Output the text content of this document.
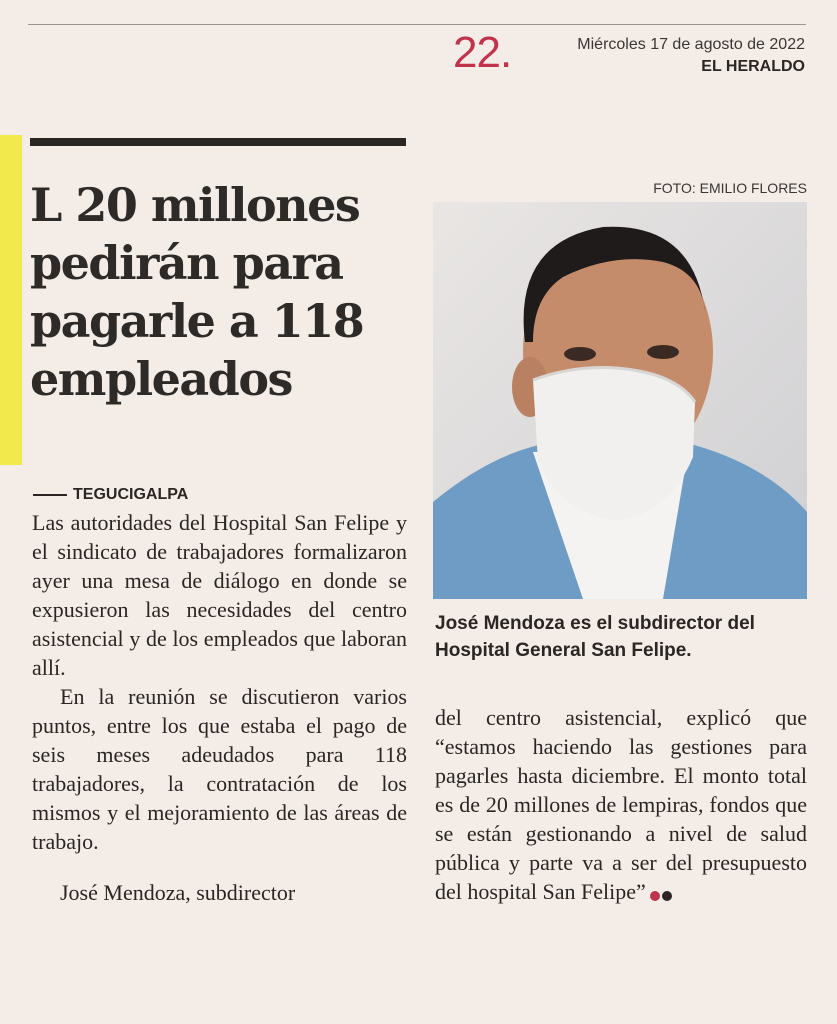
22.	Miércoles 17 de agosto de 2022
EL HERALDO
L 20 millones pedirán para pagarle a 118 empleados
TEGUCIGALPA

Las autoridades del Hospital San Felipe y el sindicato de trabajadores formalizaron ayer una mesa de diálogo en donde se expusieron las necesidades del centro asistencial y de los empleados que laboran allí.

En la reunión se discutieron varios puntos, entre los que estaba el pago de seis meses adeudados para 118 trabajadores, la contratación de los mismos y el mejoramiento de las áreas de trabajo.

José Mendoza, subdirector

FOTO: EMILIO FLORES

José Mendoza es el subdirector del Hospital General San Felipe.

del centro asistencial, explicó que “estamos haciendo las gestiones para pagarles hasta diciembre. El monto total es de 20 millones de lempiras, fondos que se están gestionando a nivel de salud pública y parte va a ser del presupuesto del hospital San Felipe”
